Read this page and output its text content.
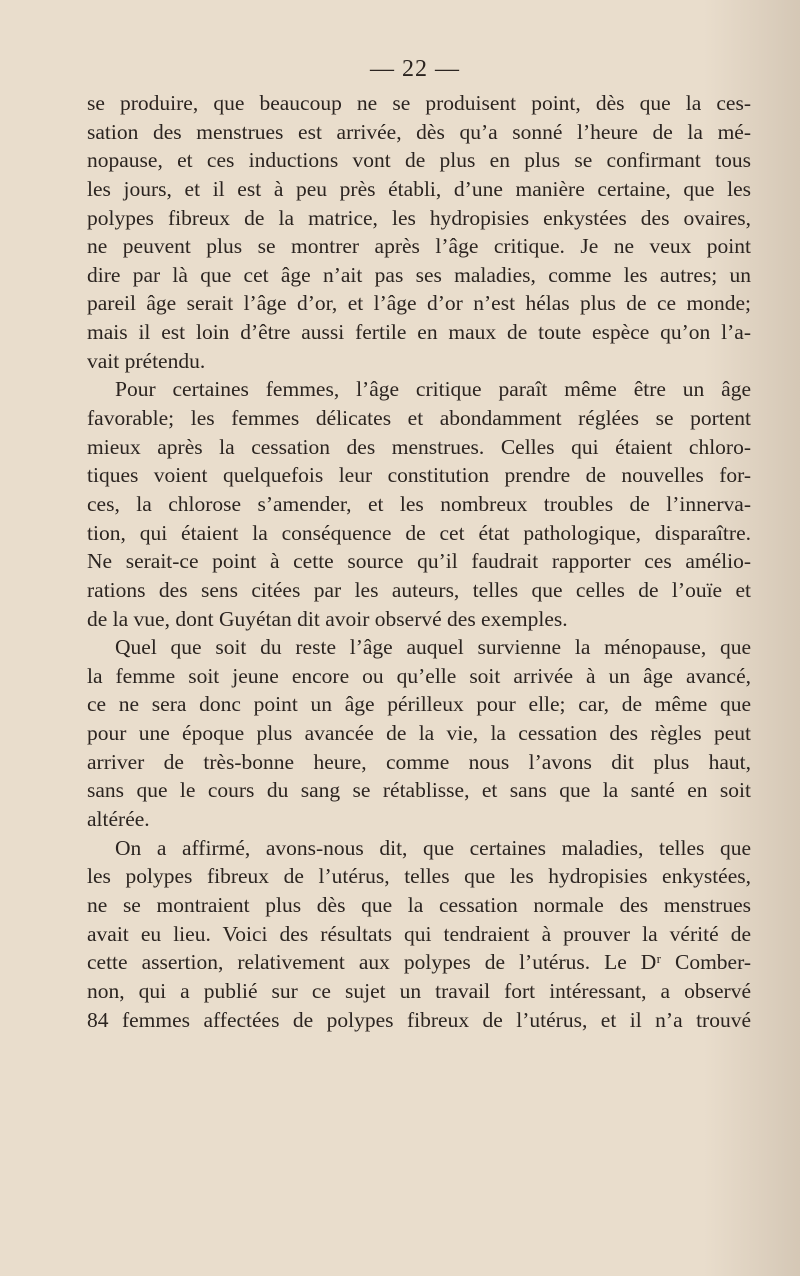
— 22 —
se produire, que beaucoup ne se produisent point, dès que la ces-
sation des menstrues est arrivée, dès qu’a sonné l’heure de la mé-
nopause, et ces inductions vont de plus en plus se confirmant tous
les jours, et il est à peu près établi, d’une manière certaine, que les
polypes fibreux de la matrice, les hydropisies enkystées des ovaires,
ne peuvent plus se montrer après l’âge critique. Je ne veux point
dire par là que cet âge n’ait pas ses maladies, comme les autres; un
pareil âge serait l’âge d’or, et l’âge d’or n’est hélas plus de ce monde;
mais il est loin d’être aussi fertile en maux de toute espèce qu’on l’a-
vait prétendu.
Pour certaines femmes, l’âge critique paraît même être un âge
favorable; les femmes délicates et abondamment réglées se portent
mieux après la cessation des menstrues. Celles qui étaient chloro-
tiques voient quelquefois leur constitution prendre de nouvelles for-
ces, la chlorose s’amender, et les nombreux troubles de l’innerva-
tion, qui étaient la conséquence de cet état pathologique, disparaître.
Ne serait-ce point à cette source qu’il faudrait rapporter ces amélio-
rations des sens citées par les auteurs, telles que celles de l’ouïe et
de la vue, dont Guyétan dit avoir observé des exemples.
Quel que soit du reste l’âge auquel survienne la ménopause, que
la femme soit jeune encore ou qu’elle soit arrivée à un âge avancé,
ce ne sera donc point un âge périlleux pour elle; car, de même que
pour une époque plus avancée de la vie, la cessation des règles peut
arriver de très-bonne heure, comme nous l’avons dit plus haut,
sans que le cours du sang se rétablisse, et sans que la santé en soit
altérée.
On a affirmé, avons-nous dit, que certaines maladies, telles que
les polypes fibreux de l’utérus, telles que les hydropisies enkystées,
ne se montraient plus dès que la cessation normale des menstrues
avait eu lieu. Voici des résultats qui tendraient à prouver la vérité de
cette assertion, relativement aux polypes de l’utérus. Le Dʳ Comber-
non, qui a publié sur ce sujet un travail fort intéressant, a observé
84 femmes affectées de polypes fibreux de l’utérus, et il n’a trouvé
